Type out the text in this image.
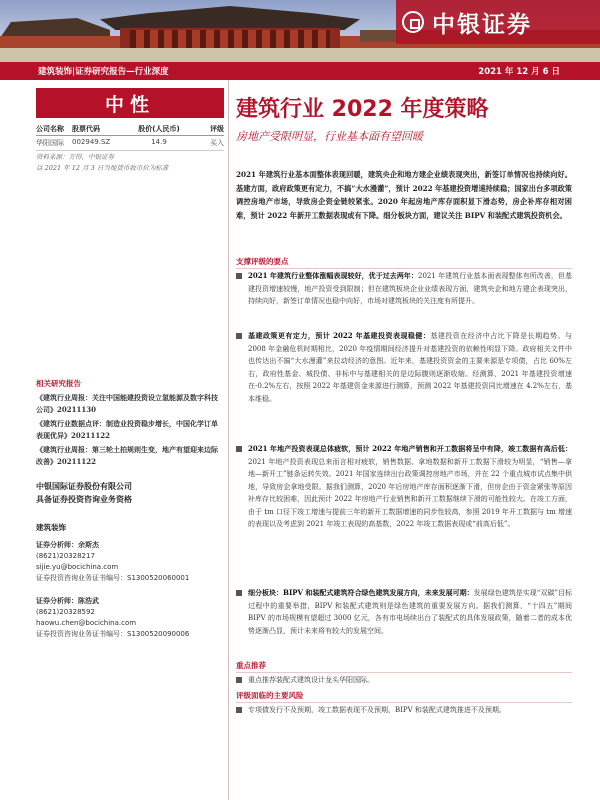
中银证券
建筑装饰|证券研究报告—行业深度	2021 年 12 月 6 日
中性
公司名称	股票代码	股价(人民币)	评级
华阳国际	002949.SZ	14.9	买入
资料来源：万得，中银证券
以 2021 年 12 月 3 日当地货币收市价为标准
相关研究报告

《建筑行业周报：关注中国能建投资设立氢能源及数字科技公司》20211130

《建筑行业数据点评：制造业投资稳步增长，中国化学订单表现优异》20211122

《建筑行业周报：第三轮土拍规则生变，地产有望迎来边际改善》20211122

中银国际证券股份有限公司
具备证券投资咨询业务资格
建筑装饰
证券分析师：余斯杰
(8621)20328217
sijie.yu@bocichina.com
证券投资咨询业务证书编号：S1300520060001
证券分析师：陈浩武
(8621)20328592
haowu.chen@bocichina.com
证券投资咨询业务证书编号：S1300520090006
建筑行业 2022 年度策略
房地产受限明显，行业基本面有望回暖
2021 年建筑行业基本面整体表现回暖，建筑央企和地方建企业绩表现突出，新签订单情况也持续向好。基建方面，政府政策更有定力，不搞“大水漫灌”，预计 2022 年基建投资增速持续稳；国家出台多项政策调控房地产市场，导致房企资金链较紧张。2020 年起房地产库存面积显下滑态势，房企补库存相对困难，预计 2022 年新开工数据表现或有下降。细分板块方面，建议关注 BIPV 和装配式建筑投资机会。
支撑评级的要点
2021 年建筑行业整体涨幅表现较好，优于过去两年：2021 年建筑行业基本面表现整体有所改善，但基建投资增速较慢，地产投资受到限制；但在建筑板块企业业绩表现方面，建筑央企和地方建企表现突出，持续向好，新签订单情况也稳中向好，市场对建筑板块的关注度有所提升。
基建政策更有定力，预计 2022 年基建投资表现稳健：基建投资在经济中占比下降是长期趋势。与 2008 年金融危机时期相比，2020 年疫情期间经济提升对基建投资的依赖性明显下降。政府相关文件中也传达出不搞“大水漫灌”来拉动经济的意图。近年来，基建投资资金的主要来源是专项债，占比 60%左右，政府性基金、城投债、非标中与基建相关的是边际腹则逐渐收缩。经测算，2021 年基建投资增速在-0.2%左右，按照 2022 年基建资金来源进行测算，预测 2022 年基建投资同比增速在 4.2%左右，基本维稳。
2021 年地产投资表现总体疲软，预计 2022 年地产销售和开工数据将呈中有降，竣工数据有高后低：2021 年地产投资表现总来而言相对疲软，销售数据、拿地数据和新开工数据下滑较为明显，“销售—拿地—新开工”链条运转失效。2021 年国家连续出台政策调控房地产市场，并在 22 个重点城市试点集中供地，导致房企拿地受限。据我们测算，2020 年后房地产库存面积逐渐下滑，但房企由于资金紧张等原因补库存比较困难，因此预计 2022 年房地产行业销售和新开工数据继续下滑的可能性较大。在竣工方面，由于 tm 口径下竣工增速与提前三年的新开工数据增速的同步性较高，参照 2019 年开工数据与 tm 增速的表现以及考虑到 2021 年竣工表现的高基数，2022 年竣工数据表现或“前高后低”。
细分板块：BIPV 和装配式建筑符合绿色建筑发展方向，未来发展可期：发展绿色建筑是实现“双碳”目标过程中的重要举措，BIPV 和装配式建筑则是绿色建筑的重要发展方向。据我们测算，“十四五”期间 BIPV 的市场规模有望超过 3000 亿元，各有市电场续出台了装配式的具体发展政策，随着二者的成本优势逐渐凸显，预计未来将有较大的发展空间。
重点推荐
重点推荐装配式建筑设计龙头华阳国际。
评级面临的主要风险
专项债发行不及预期，竣工数据表现不及预期，BIPV 和装配式建筑推进不及预期。
